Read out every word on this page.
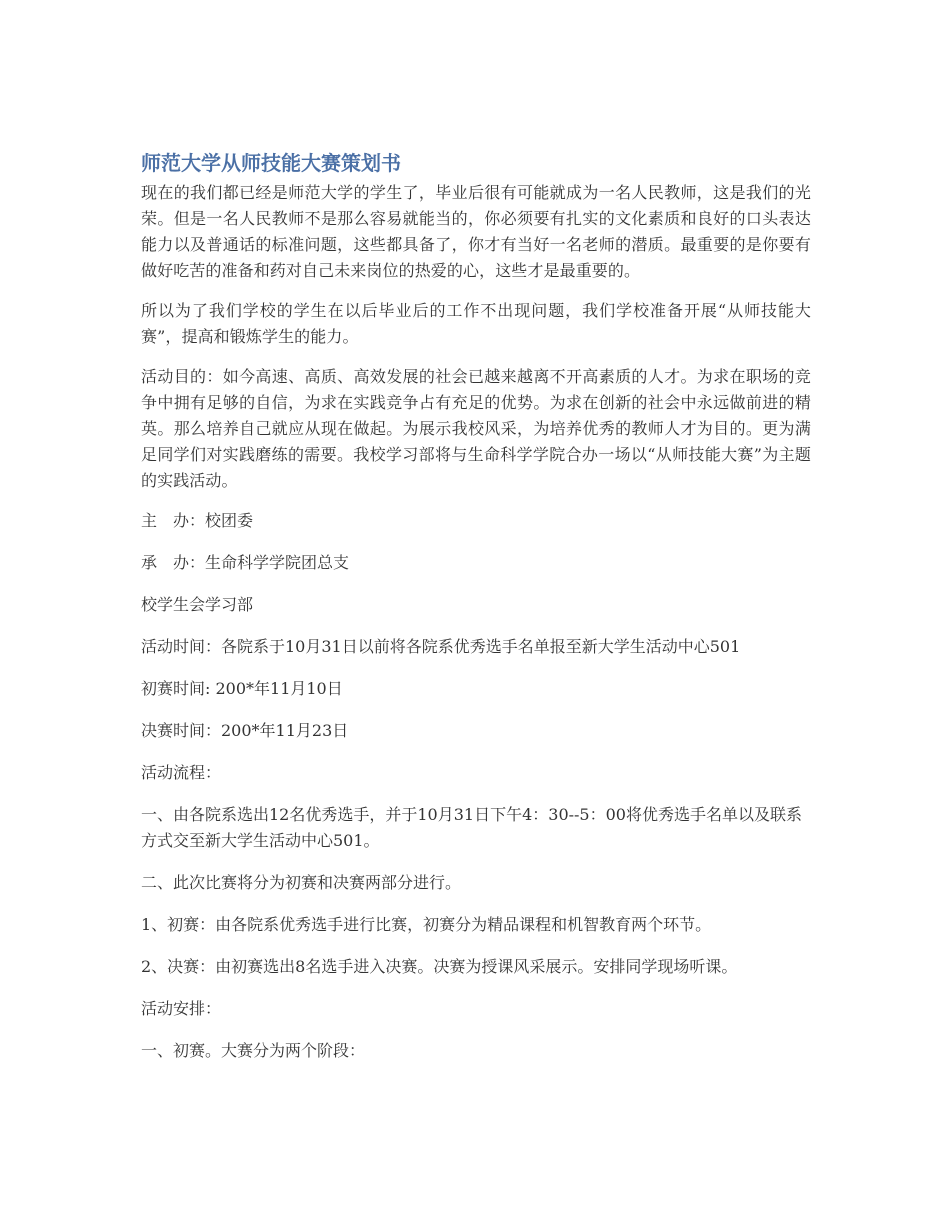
师范大学从师技能大赛策划书

现在的我们都已经是师范大学的学生了，毕业后很有可能就成为一名人民教师，这是我们的光荣。但是一名人民教师不是那么容易就能当的，你必须要有扎实的文化素质和良好的口头表达能力以及普通话的标准问题，这些都具备了，你才有当好一名老师的潜质。最重要的是你要有做好吃苦的准备和药对自己未来岗位的热爱的心，这些才是最重要的。

所以为了我们学校的学生在以后毕业后的工作不出现问题，我们学校准备开展“从师技能大赛”，提高和锻炼学生的能力。

活动目的：如今高速、高质、高效发展的社会已越来越离不开高素质的人才。为求在职场的竞争中拥有足够的自信，为求在实践竞争占有充足的优势。为求在创新的社会中永远做前进的精英。那么培养自己就应从现在做起。为展示我校风采，为培养优秀的教师人才为目的。更为满足同学们对实践磨练的需要。我校学习部将与生命科学学院合办一场以“从师技能大赛”为主题的实践活动。

主　办：校团委

承　办：生命科学学院团总支

校学生会学习部

活动时间：各院系于10月31日以前将各院系优秀选手名单报至新大学生活动中心501

初赛时间: 200*年11月10日

决赛时间：200*年11月23日

活动流程：

一、由各院系选出12名优秀选手，并于10月31日下午4：30--5：00将优秀选手名单以及联系方式交至新大学生活动中心501。

二、此次比赛将分为初赛和决赛两部分进行。

1、初赛：由各院系优秀选手进行比赛，初赛分为精品课程和机智教育两个环节。

2、决赛：由初赛选出8名选手进入决赛。决赛为授课风采展示。安排同学现场听课。

活动安排：

一、初赛。大赛分为两个阶段：
